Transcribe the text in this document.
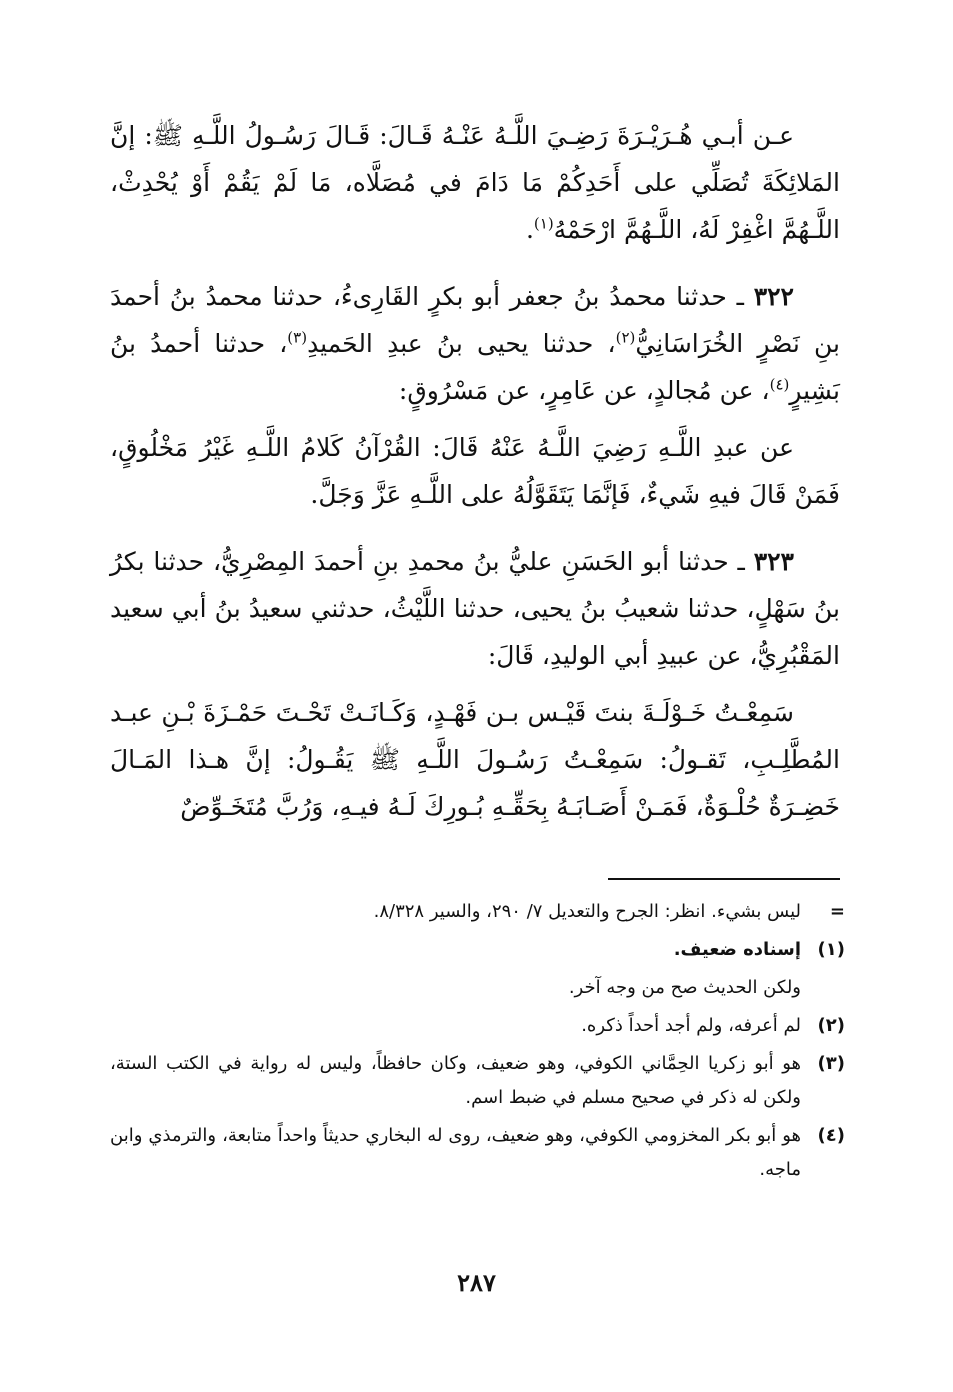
عـن أبـي هُـرَيْـرَةَ رَضِـيَ اللَّـهُ عَنْـهُ قَـالَ: قَـالَ رَسُـولُ اللَّـهِ ﷺ: إنَّ المَلائِكَةَ تُصَلِّي على أَحَدِكُمْ مَا دَامَ في مُصَلَّاه، مَا لَمْ يَقُمْ أَوْ يُحْدِثْ، اللَّـهُمَّ اغْفِرْ لَهُ، اللَّـهُمَّ ارْحَمْهُ$^{(١)}$.

٣٢٢ ـ حدثنا محمدُ بنُ جعفر أبو بكرٍ القَارِىءُ، حدثنا محمدُ بنُ أحمدَ بنِ نَصْرٍ الخُرَاسَانِيُّ$^{(٢)}$، حدثنا يحيى بنُ عبدِ الحَميدِ$^{(٣)}$، حدثنا أحمدُ بنُ بَشِيرٍ$^{(٤)}$، عن مُجالدٍ، عن عَامِرٍ، عن مَسْرُوقٍ:

عن عبدِ اللَّـهِ رَضِيَ اللَّـهُ عَنْهُ قَالَ: القُرْآنُ كَلامُ اللَّـهِ غَيْرُ مَخْلُوقٍ، فَمَنْ قَالَ فيهِ شَيءٌ، فَإنَّمَا يَتَقَوَّلُهُ على اللَّـهِ عَزَّ وَجَلَّ.

٣٢٣ ـ حدثنا أبو الحَسَنِ عليُّ بنُ محمدِ بنِ أحمدَ المِصْرِيُّ، حدثنا بكرُ بنُ سَهْلٍ، حدثنا شعيبُ بنُ يحيى، حدثنا اللَّيْثُ، حدثني سعيدُ بنُ أبي سعيد المَقْبُرِيُّ، عن عبيدِ أبي الوليدِ، قَالَ:

سَمِعْـتُ خَـوْلَـةَ بنتَ قَيْـس بـن فَهْـدٍ، وَكَـانَـتْ تَحْـتَ حَمْـزَةَ بْـنِ عبـد المُطَّلِـبِ، تَقـولُ: سَمِعْـتُ رَسُـولَ اللَّـهِ ﷺ يَقُـولُ: إنَّ هـذا المَـالَ خَضِـرَةٌ حُلْـوَةٌ، فَمَـنْ أَصَـابَـهُ بِحَقِّـهِ بُـورِكَ لَـهُ فيـهِ، وَرُبَّ مُتَخَـوِّضٌ

=
ليس بشيء. انظر: الجرح والتعديل ٧/ ٢٩٠، والسير ٨/٣٢٨.
(١)
إسناده ضعيف.
ولكن الحديث صح من وجه آخر.
(٢)
لم أعرفه، ولم أجد أحداً ذكره.
(٣)
هو أبو زكريا الحِمَّاني الكوفي، وهو ضعيف، وكان حافظاً، وليس له رواية في الكتب الستة، ولكن له ذكر في صحيح مسلم في ضبط اسم.
(٤)
هو أبو بكر المخزومي الكوفي، وهو ضعيف، روى له البخاري حديثاً واحداً متابعة، والترمذي وابن ماجه.
٢٨٧
